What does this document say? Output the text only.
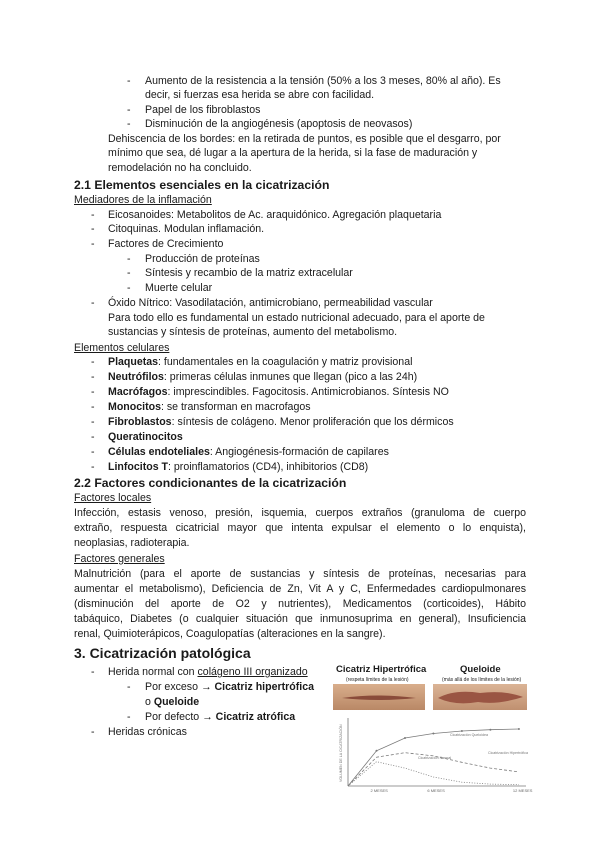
- Aumento de la resistencia a la tensión (50% a los 3 meses, 80% al año). Es
decir, si fuerzas esa herida se abre con facilidad.
- Papel de los fibroblastos
- Disminución de la angiogénesis (apoptosis de neovasos)
Dehiscencia de los bordes: en la retirada de puntos, es posible que el desgarro, por
mínimo que sea, dé lugar a la apertura de la herida, si la fase de maduración y
remodelación no ha concluido.
2.1 Elementos esenciales en la cicatrización
Mediadores de la inflamación
- Eicosanoides: Metabolitos de Ac. araquidónico. Agregación plaquetaria
- Citoquinas. Modulan inflamación.
- Factores de Crecimiento
- Producción de proteínas
- Síntesis y recambio de la matriz extracelular
- Muerte celular
- Óxido Nítrico: Vasodilatación, antimicrobiano, permeabilidad vascular
Para todo ello es fundamental un estado nutricional adecuado, para el aporte de
sustancias y síntesis de proteínas, aumento del metabolismo.
Elementos celulares
- Plaquetas: fundamentales en la coagulación y matriz provisional
- Neutrófilos: primeras células inmunes que llegan (pico a las 24h)
- Macrófagos: imprescindibles. Fagocitosis. Antimicrobianos. Síntesis NO
- Monocitos: se transforman en macrofagos
- Fibroblastos: síntesis de colágeno. Menor proliferación que los dérmicos
- Queratinocitos
- Células endoteliales: Angiogénesis-formación de capilares
- Linfocitos T: proinflamatorios (CD4), inhibitorios (CD8)
2.2 Factores condicionantes de la cicatrización
Factores locales
Infección, estasis venoso, presión, isquemia, cuerpos extraños (granuloma de cuerpo
extraño, respuesta cicatricial mayor que intenta expulsar el elemento o lo enquista),
neoplasias, radioterapia.
Factores generales
Malnutrición (para el aporte de sustancias y síntesis de proteínas, necesarias para
aumentar el metabolismo), Deficiencia de Zn, Vit A y C, Enfermedades cardiopulmonares
(disminución del aporte de O2 y nutrientes), Medicamentos (corticoides), Hábito
tabáquico, Diabetes (o cualquier situación que inmunosuprima en general), Insuficiencia
renal, Quimioterápicos, Coagulopatías (alteraciones en la sangre).
3. Cicatrización patológica
- Herida normal con colágeno III organizado
- Por exceso → Cicatriz hipertrófica
o Queloide
- Por defecto → Cicatriz atrófica
- Heridas crónicas
Cicatriz Hipertrófica
(respeta límites de la lesión)
Queloide
(más allá de los límites de la lesión)
VOLUMEN DE LA CICATRIZACIÓN
2 MESES	6 MESES	12 MESES
Cicatrización Queloidea
Cicatrización Normal
Cicatrización Hipertrófica
